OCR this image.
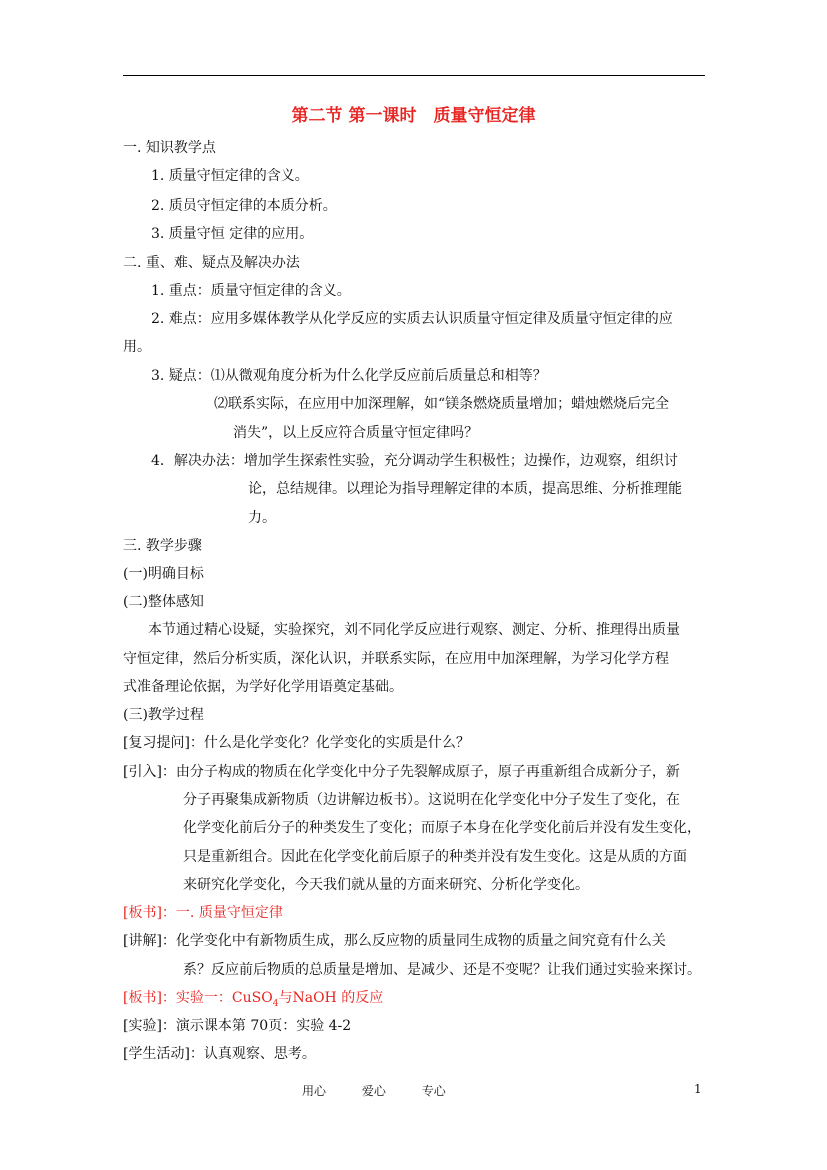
第二节 第一课时　质量守恒定律
一. 知识教学点
1. 质量守恒定律的含义。
2. 质员守恒定律的本质分析。
3. 质量守恒 定律的应用。
二. 重、难、疑点及解决办法
1. 重点：质量守恒定律的含义。
2. 难点：应用多媒体教学从化学反应的实质去认识质量守恒定律及质量守恒定律的应
用。
3. 疑点：⑴从微观角度分析为什么化学反应前后质量总和相等？
⑵联系实际，在应用中加深理解，如“镁条燃烧质量增加；蜡烛燃烧后完全
消失”，以上反应符合质量守恒定律吗？
4．解决办法：增加学生探索性实验，充分调动学生积极性；边操作，边观察，组织讨
论，总结规律。以理论为指导理解定律的本质，提高思维、分析推理能
力。
三. 教学步骤
(一)明确目标
(二)整体感知
本节通过精心设疑，实验探究，刘不同化学反应进行观察、测定、分析、推理得出质量
守恒定律，然后分析实质，深化认识，并联系实际，在应用中加深理解，为学习化学方程
式准备理论依据，为学好化学用语奠定基础。
(三)教学过程
[复习提问]：什么是化学变化？化学变化的实质是什么？
[引入]：由分子构成的物质在化学变化中分子先裂解成原子，原子再重新组合成新分子，新
分子再聚集成新物质（边讲解边板书）。这说明在化学变化中分子发生了变化，在
化学变化前后分子的种类发生了变化；而原子本身在化学变化前后并没有发生变化，
只是重新组合。因此在化学变化前后原子的种类并没有发生变化。这是从质的方面
来研究化学变化，今天我们就从量的方面来研究、分析化学变化。
[板书]：一. 质量守恒定律
[讲解]：化学变化中有新物质生成，那么反应物的质量同生成物的质量之间究竟有什么关
系？反应前后物质的总质量是增加、是减少、还是不变呢？让我们通过实验来探讨。
[板书]：实验一：CuSO$_4$与NaOH 的反应
[实验]：演示课本第 70页：实验 4-2
[学生活动]：认真观察、思考。
用心	爱心	专心	1
